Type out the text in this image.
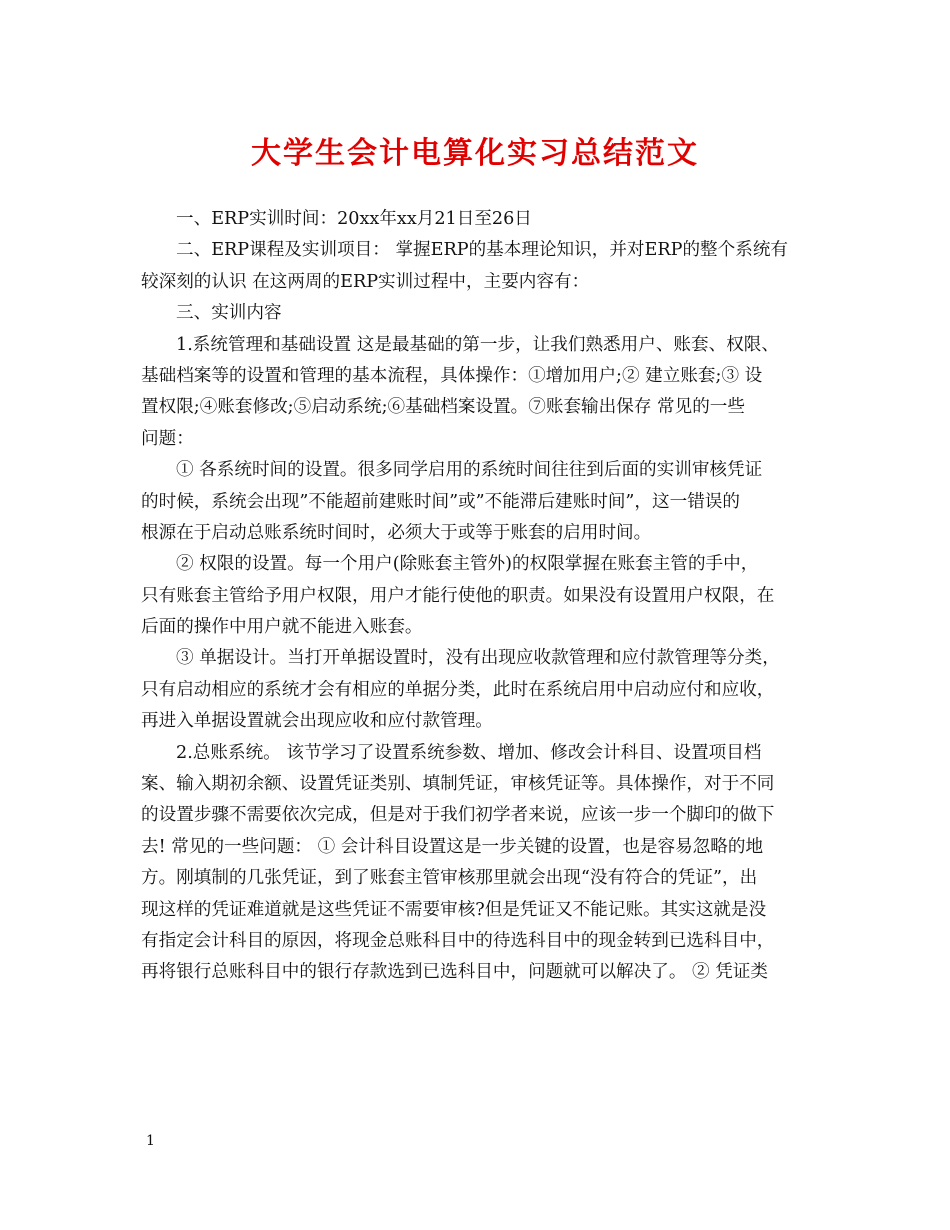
大学生会计电算化实习总结范文
一、ERP实训时间：20xx年xx月21日至26日
二、ERP课程及实训项目： 掌握ERP的基本理论知识，并对ERP的整个系统有
较深刻的认识 在这两周的ERP实训过程中，主要内容有：
三、实训内容
1.系统管理和基础设置 这是最基础的第一步，让我们熟悉用户、账套、权限、
基础档案等的设置和管理的基本流程，具体操作：①增加用户;② 建立账套;③ 设
置权限;④账套修改;⑤启动系统;⑥基础档案设置。⑦账套输出保存 常见的一些
问题：
① 各系统时间的设置。很多同学启用的系统时间往往到后面的实训审核凭证
的时候，系统会出现”不能超前建账时间”或”不能滞后建账时间”，这一错误的
根源在于启动总账系统时间时，必须大于或等于账套的启用时间。
② 权限的设置。每一个用户(除账套主管外)的权限掌握在账套主管的手中，
只有账套主管给予用户权限，用户才能行使他的职责。如果没有设置用户权限，在
后面的操作中用户就不能进入账套。
③ 单据设计。当打开单据设置时，没有出现应收款管理和应付款管理等分类，
只有启动相应的系统才会有相应的单据分类，此时在系统启用中启动应付和应收，
再进入单据设置就会出现应收和应付款管理。
2.总账系统。 该节学习了设置系统参数、增加、修改会计科目、设置项目档
案、输入期初余额、设置凭证类别、填制凭证，审核凭证等。具体操作，对于不同
的设置步骤不需要依次完成，但是对于我们初学者来说，应该一步一个脚印的做下
去! 常见的一些问题： ① 会计科目设置这是一步关键的设置，也是容易忽略的地
方。刚填制的几张凭证，到了账套主管审核那里就会出现“没有符合的凭证”，出
现这样的凭证难道就是这些凭证不需要审核?但是凭证又不能记账。其实这就是没
有指定会计科目的原因，将现金总账科目中的待选科目中的现金转到已选科目中，
再将银行总账科目中的银行存款选到已选科目中，问题就可以解决了。 ② 凭证类
1
